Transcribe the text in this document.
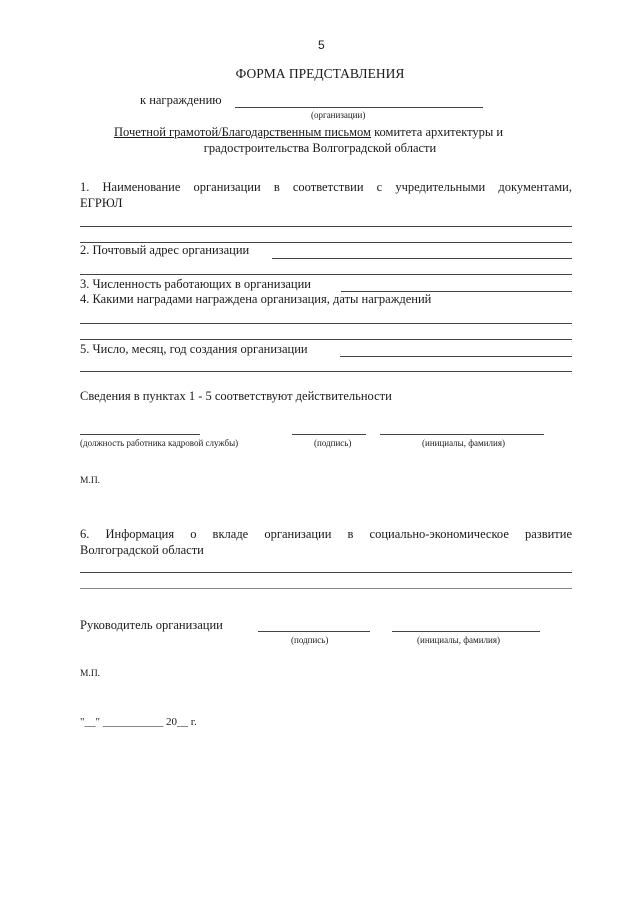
5
ФОРМА ПРЕДСТАВЛЕНИЯ
к награждению
(организации)
Почетной грамотой/Благодарственным письмом комитета архитектуры и
градостроительства Волгоградской области
1. Наименование организации в соответствии с учредительными документами,
ЕГРЮЛ
2. Почтовый адрес организации
3. Численность работающих в организации
4. Какими наградами награждена организация, даты награждений
5. Число, месяц, год создания организации
Сведения в пунктах 1 - 5 соответствуют действительности
(должность работника кадровой службы)	(подпись)	(инициалы, фамилия)
М.П.
6. Информация о вкладе организации в социально-экономическое развитие
Волгоградской области
Руководитель организации
(подпись)	(инициалы, фамилия)
М.П.
"__" ___________ 20__ г.
